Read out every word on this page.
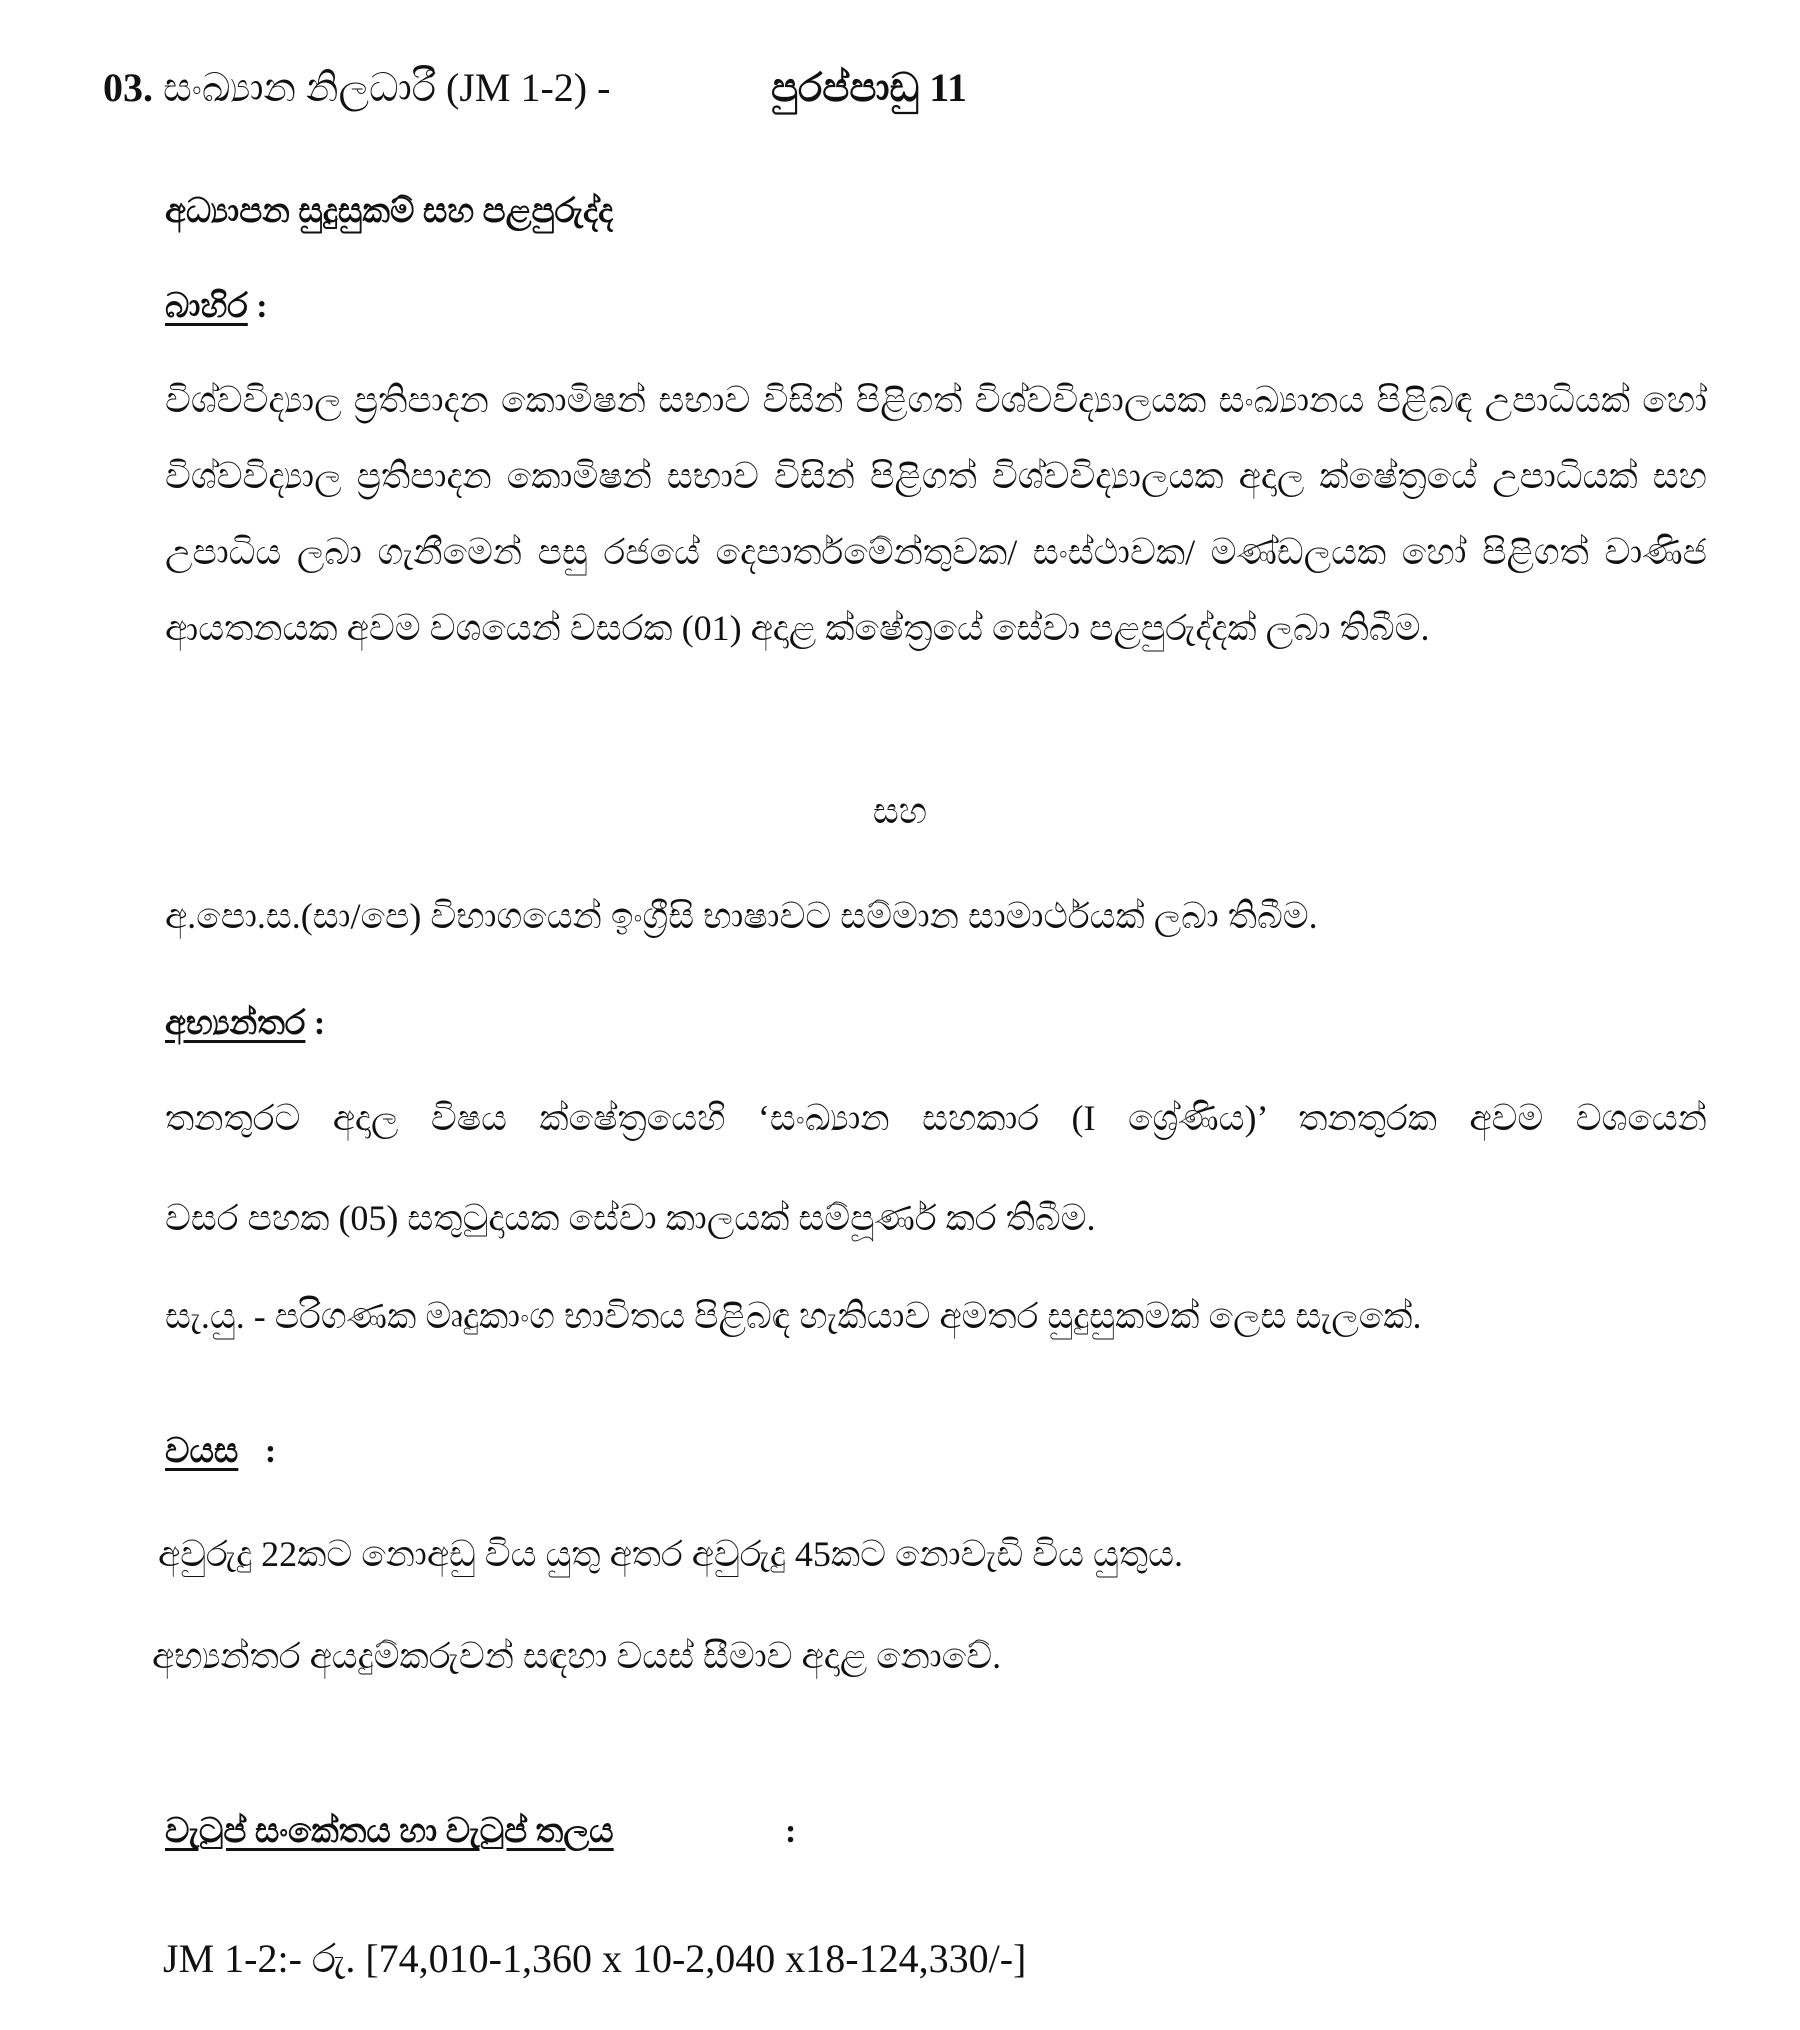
03. සංඛ්‍යාන නිලධාරී (JM 1-2) -	පුරප්පාඩු 11
අධ්‍යාපන සුදුසුකම් සහ පළපුරුද්ද
බාහිර :
විශ්වවිද්‍යාල ප්‍රතිපාදන කොමිෂන් සභාව විසින් පිළිගත් විශ්වවිද්‍යාලයක සංඛ්‍යානය පිළිබඳ උපාධියක් හෝ විශ්වවිද්‍යාල ප්‍රතිපාදන කොමිෂන් සභාව විසින් පිළිගත් විශ්වවිද්‍යාලයක අදාල ක්ෂේත්‍රයේ උපාධියක් සහ උපාධිය ලබා ගැනීමෙන් පසු රජයේ දෙපාර්තමේන්තුවක/ සංස්ථාවක/ මණ්ඩලයක හෝ පිළිගත් වාණිජ ආයතනයක අවම වශයෙන් වසරක (01) අදාළ ක්ෂේත්‍රයේ සේවා පළපුරුද්දක් ලබා තිබීම.
සහ
අ.පො.ස.(සා/පෙ) විභාගයෙන් ඉංග්‍රීසි භාෂාවට සම්මාන සාමාර්ථයක් ලබා තිබීම.
අභ්‍යන්තර :
තනතුරට අදාල විෂය ක්ෂේත්‍රයෙහි ‘සංඛ්‍යාන සහකාර (I ශ්‍රේණිය)’ තනතුරක අවම වශයෙන්
වසර පහක (05) සතුටුදායක සේවා කාලයක් සම්පූර්ණ කර තිබීම.
සැ.යු. - පරිගණක මෘදුකාංග භාවිතය පිළිබඳ හැකියාව අමතර සුදුසුකමක් ලෙස සැලකේ.
වයස :
අවුරුදු 22කට නොඅඩු විය යුතු අතර අවුරුදු 45කට නොවැඩි විය යුතුය.
අභ්‍යන්තර අයදුම්කරුවන් සඳහා වයස් සීමාව අදාළ නොවේ.
වැටුප් සංකේතය හා වැටුප් තලය	:
JM 1-2:- රු. [74,010-1,360 x 10-2,040 x18-124,330/-]
